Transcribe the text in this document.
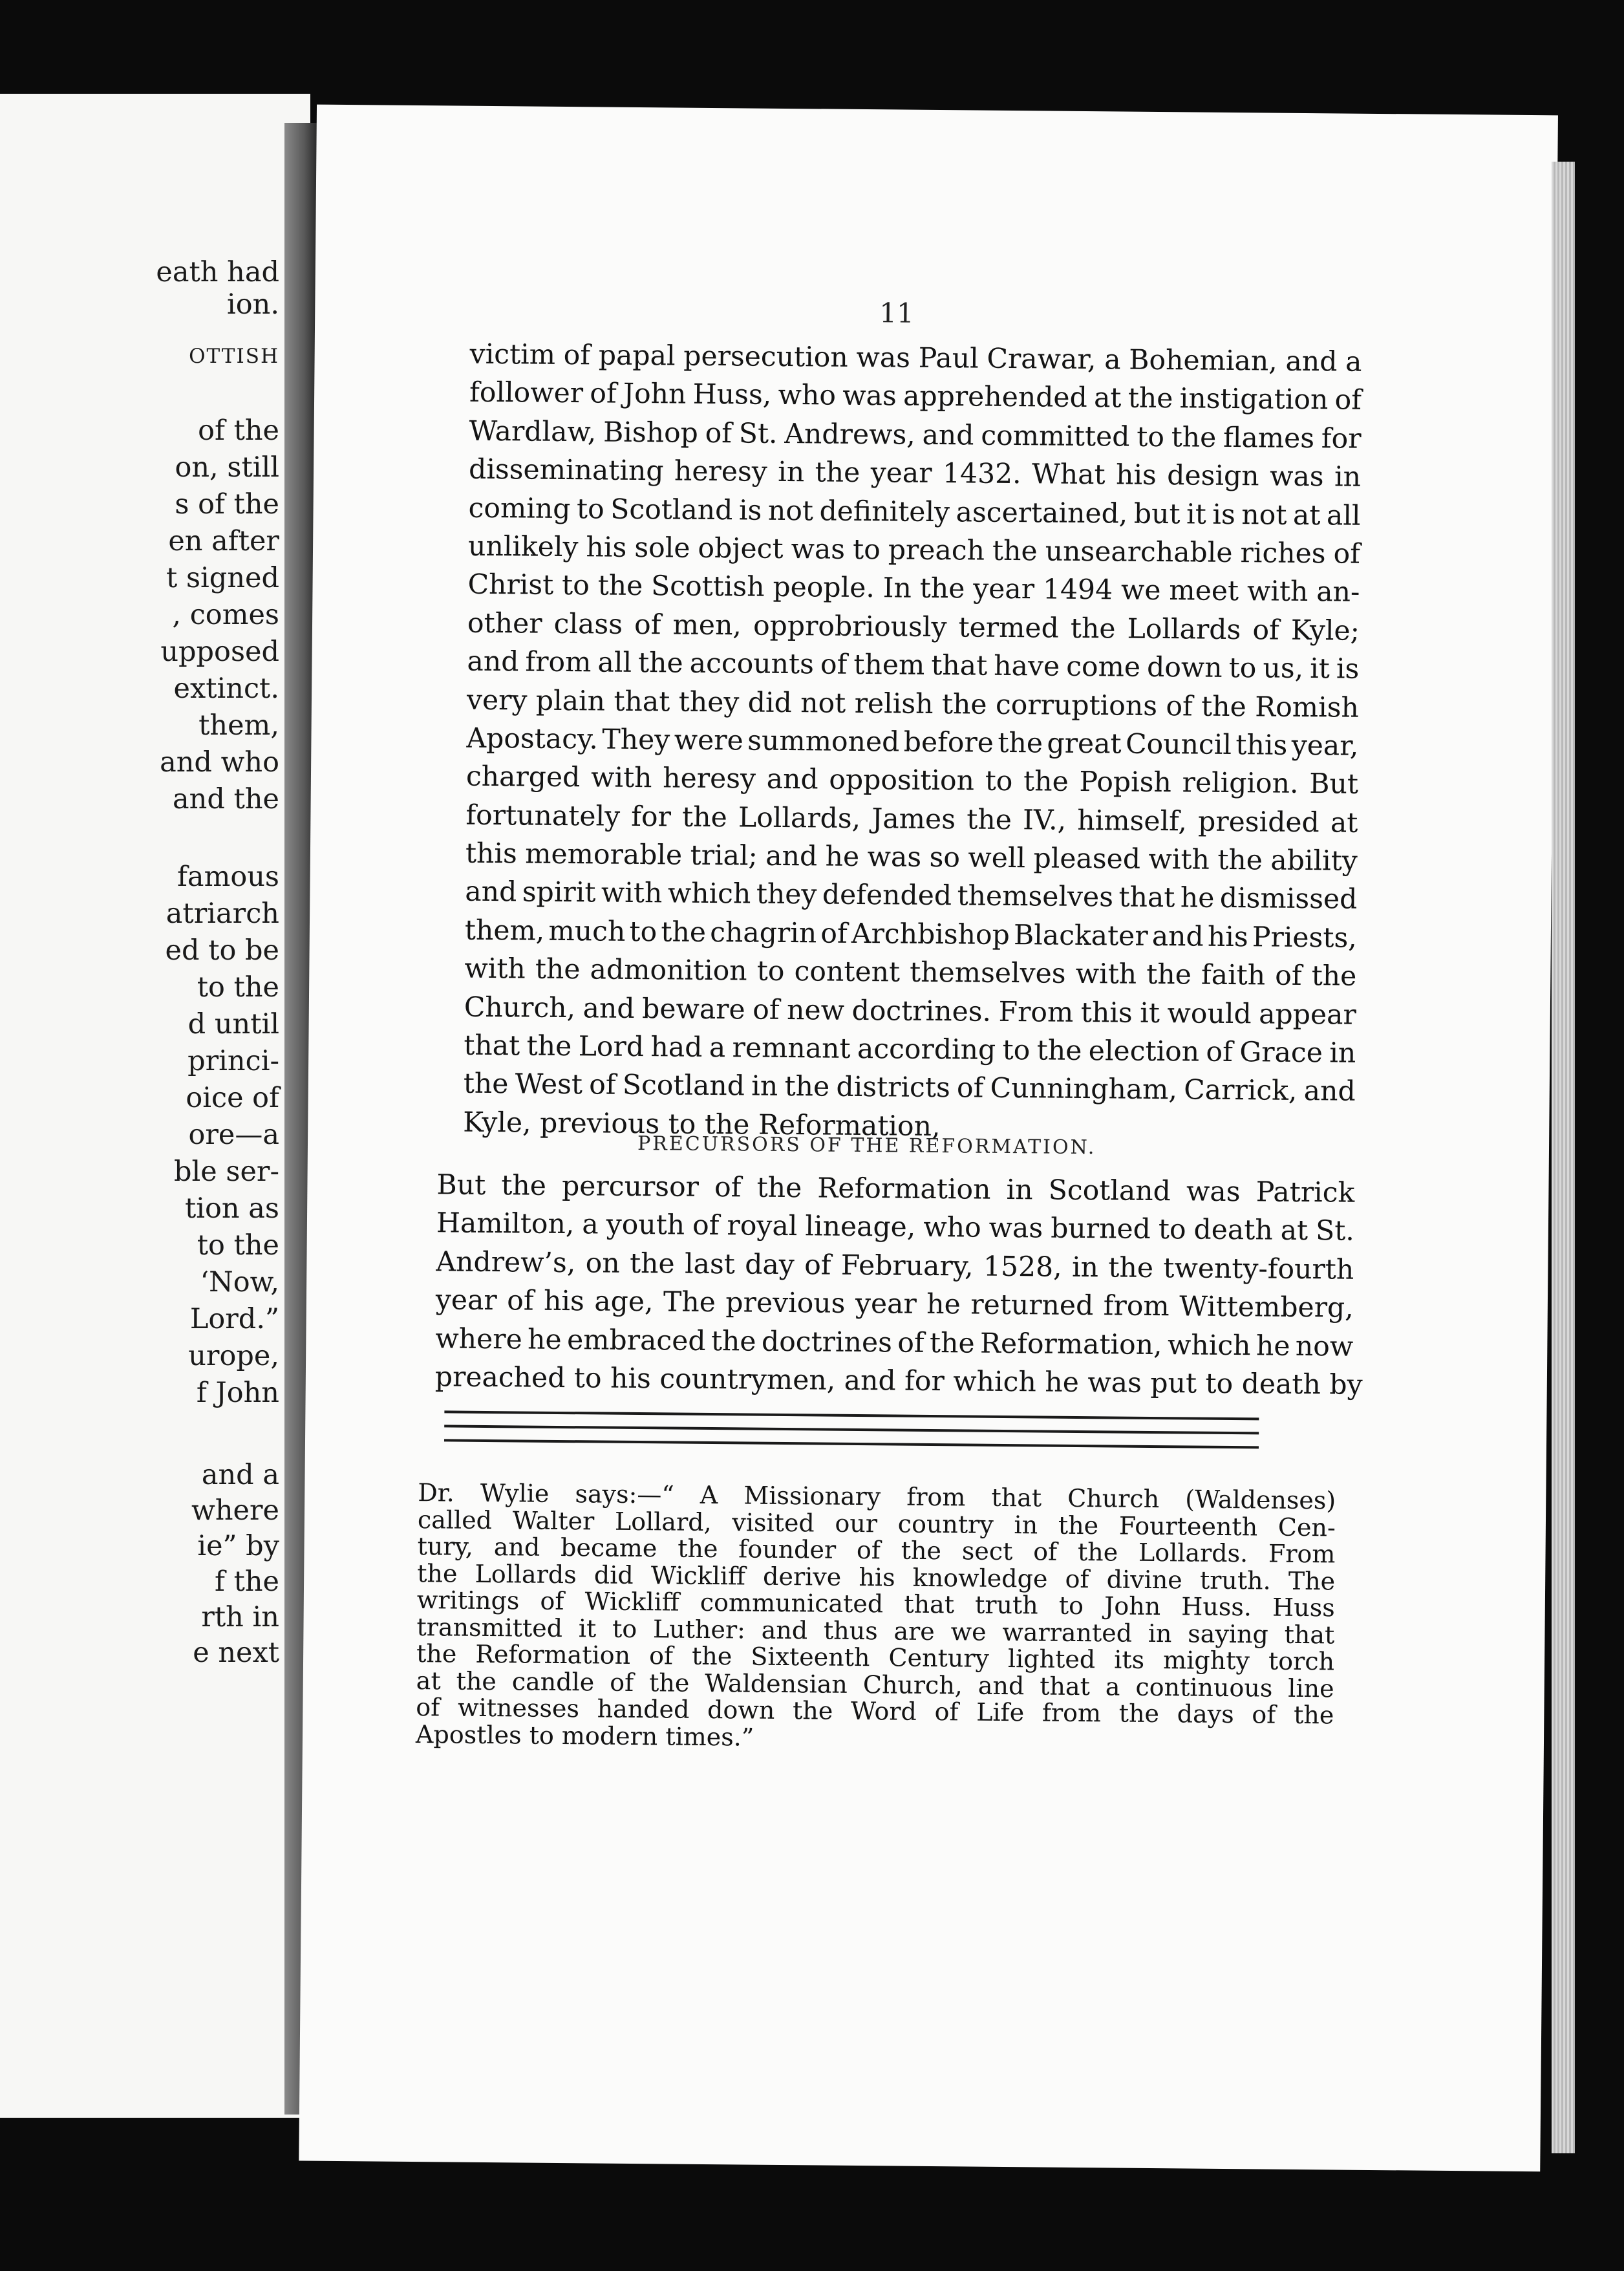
eath had
ion.
OTTISH
of the
on, still
s of the
en after
t signed
, comes
upposed
extinct.
them,
and who
and the
famous
atriarch
ed to be
to the
d until
princi-
oice of
ore—a
ble ser-
tion as
to the
‘Now,
Lord.”
urope,
f John
and a
where
ie” by
f the
rth in
e next
11
victim of papal persecution was Paul Crawar, a Bohemian, and a
follower of John Huss, who was apprehended at the instigation of
Wardlaw, Bishop of St. Andrews, and committed to the flames for
disseminating heresy in the year 1432. What his design was in
coming to Scotland is not definitely ascertained, but it is not at all
unlikely his sole object was to preach the unsearchable riches of
Christ to the Scottish people. In the year 1494 we meet with an-
other class of men, opprobriously termed the Lollards of Kyle;
and from all the accounts of them that have come down to us, it is
very plain that they did not relish the corruptions of the Romish
Apostacy. They were summoned before the great Council this year,
charged with heresy and opposition to the Popish religion. But
fortunately for the Lollards, James the IV., himself, presided at
this memorable trial; and he was so well pleased with the ability
and spirit with which they defended themselves that he dismissed
them, much to the chagrin of Archbishop Blackater and his Priests,
with the admonition to content themselves with the faith of the
Church, and beware of new doctrines. From this it would appear
that the Lord had a remnant according to the election of Grace in
the West of Scotland in the districts of Cunningham, Carrick, and
Kyle, previous to the Reformation,
PRECURSORS OF THE REFORMATION.
But the percursor of the Reformation in Scotland was Patrick
Hamilton, a youth of royal lineage, who was burned to death at St.
Andrew’s, on the last day of February, 1528, in the twenty-fourth
year of his age, The previous year he returned from Wittemberg,
where he embraced the doctrines of the Reformation, which he now
preached to his countrymen, and for which he was put to death by
Dr. Wylie says:—“ A Missionary from that Church (Waldenses)
called Walter Lollard, visited our country in the Fourteenth Cen-
tury, and became the founder of the sect of the Lollards. From
the Lollards did Wickliff derive his knowledge of divine truth. The
writings of Wickliff communicated that truth to John Huss. Huss
transmitted it to Luther: and thus are we warranted in saying that
the Reformation of the Sixteenth Century lighted its mighty torch
at the candle of the Waldensian Church, and that a continuous line
of witnesses handed down the Word of Life from the days of the
Apostles to modern times.”
